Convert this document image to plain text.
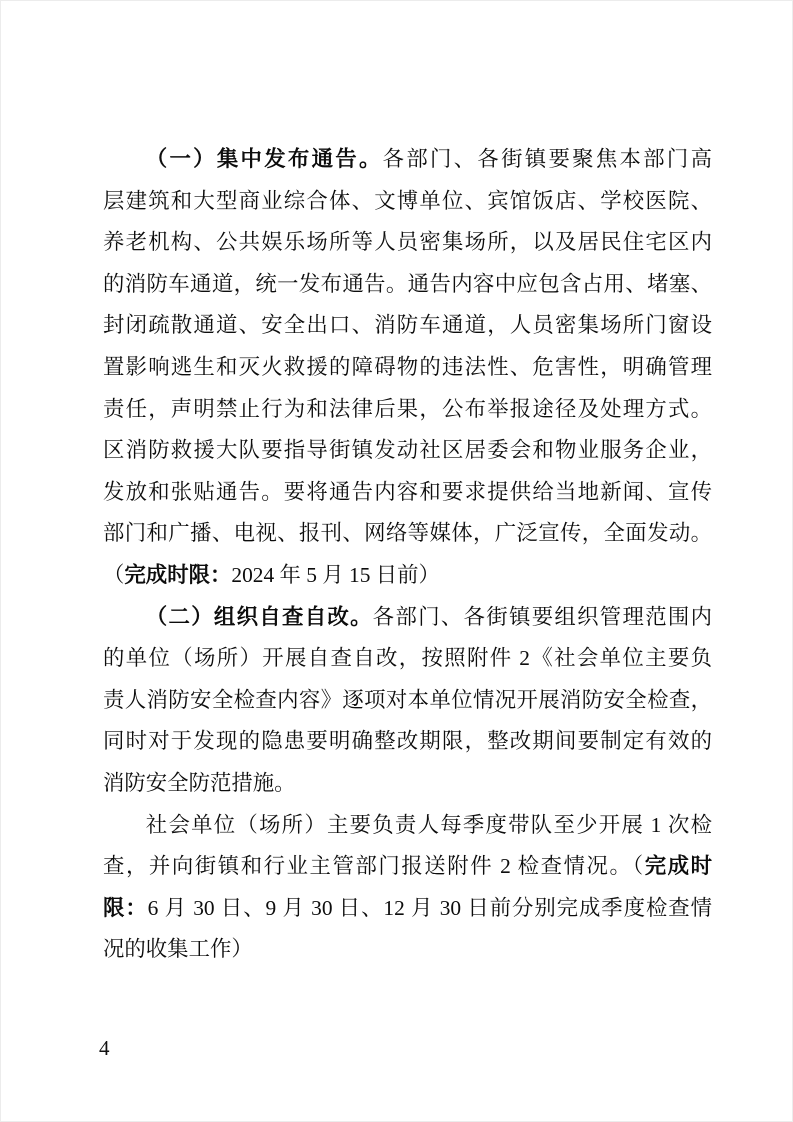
（一）集中发布通告。各部门、各街镇要聚焦本部门高
层建筑和大型商业综合体、文博单位、宾馆饭店、学校医院、
养老机构、公共娱乐场所等人员密集场所，以及居民住宅区内
的消防车通道，统一发布通告。通告内容中应包含占用、堵塞、
封闭疏散通道、安全出口、消防车通道，人员密集场所门窗设
置影响逃生和灭火救援的障碍物的违法性、危害性，明确管理
责任，声明禁止行为和法律后果，公布举报途径及处理方式。
区消防救援大队要指导街镇发动社区居委会和物业服务企业，
发放和张贴通告。要将通告内容和要求提供给当地新闻、宣传
部门和广播、电视、报刊、网络等媒体，广泛宣传，全面发动。
（完成时限：2024 年 5 月 15 日前）
（二）组织自查自改。各部门、各街镇要组织管理范围内
的单位（场所）开展自查自改，按照附件 2《社会单位主要负
责人消防安全检查内容》逐项对本单位情况开展消防安全检查，
同时对于发现的隐患要明确整改期限，整改期间要制定有效的
消防安全防范措施。
社会单位（场所）主要负责人每季度带队至少开展 1 次检
查，并向街镇和行业主管部门报送附件 2 检查情况。（完成时
限：6 月 30 日、9 月 30 日、12 月 30 日前分别完成季度检查情
况的收集工作）
4
